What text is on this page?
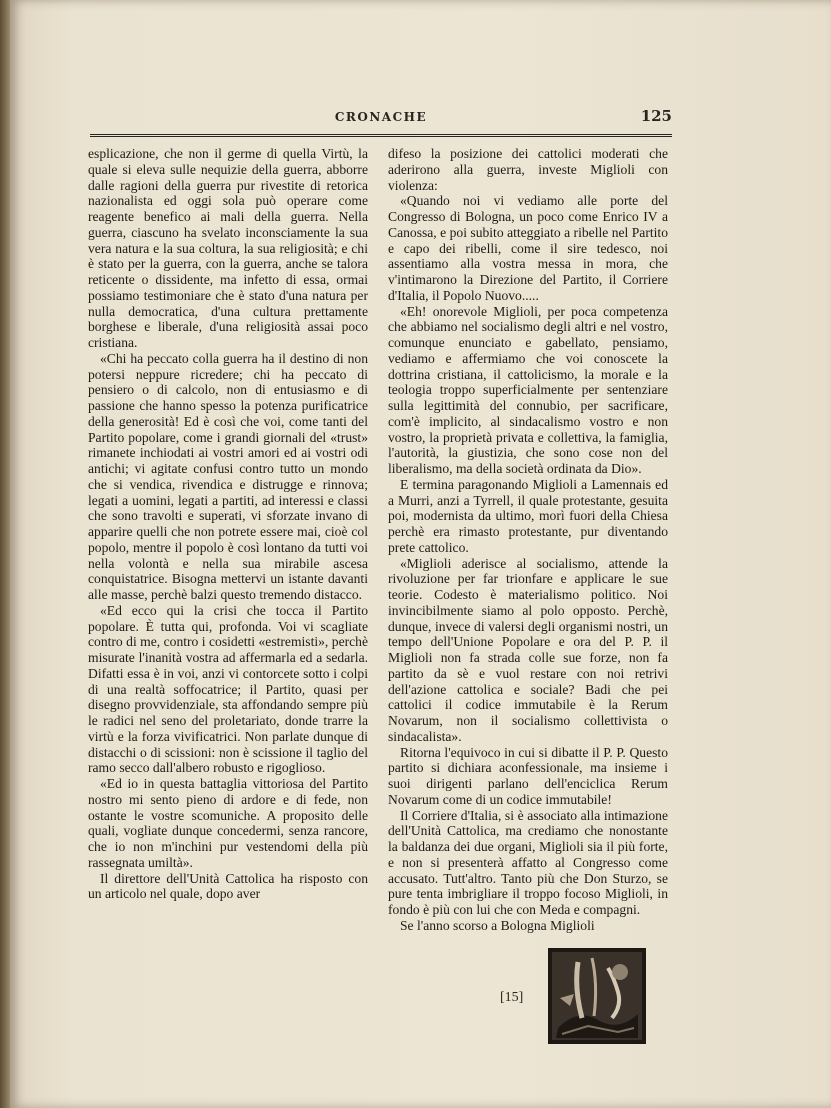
CRONACHE	125

esplicazione, che non il germe di quella Virtù, la quale si eleva sulle nequizie della guerra, abborre dalle ragioni della guerra pur rivestite di retorica nazionalista ed oggi sola può operare come reagente benefico ai mali della guerra. Nella guerra, ciascuno ha svelato inconsciamente la sua vera natura e la sua coltura, la sua religiosità; e chi è stato per la guerra, con la guerra, anche se talora reticente o dissidente, ma infetto di essa, ormai possiamo testimoniare che è stato d'una natura per nulla democratica, d'una cultura prettamente borghese e liberale, d'una religiosità assai poco cristiana.

«Chi ha peccato colla guerra ha il destino di non potersi neppure ricredere; chi ha peccato di pensiero o di calcolo, non di entusiasmo e di passione che hanno spesso la potenza purificatrice della generosità! Ed è così che voi, come tanti del Partito popolare, come i grandi giornali del «trust» rimanete inchiodati ai vostri amori ed ai vostri odi antichi; vi agitate confusi contro tutto un mondo che si vendica, rivendica e distrugge e rinnova; legati a uomini, legati a partiti, ad interessi e classi che sono travolti e superati, vi sforzate invano di apparire quelli che non potrete essere mai, cioè col popolo, mentre il popolo è così lontano da tutti voi nella volontà e nella sua mirabile ascesa conquistatrice. Bisogna mettervi un istante davanti alle masse, perchè balzi questo tremendo distacco.

«Ed ecco qui la crisi che tocca il Partito popolare. È tutta qui, profonda. Voi vi scagliate contro di me, contro i cosidetti «estremisti», perchè misurate l'inanità vostra ad affermarla ed a sedarla. Difatti essa è in voi, anzi vi contorcete sotto i colpi di una realtà soffocatrice; il Partito, quasi per disegno provvidenziale, sta affondando sempre più le radici nel seno del proletariato, donde trarre la virtù e la forza vivificatrici. Non parlate dunque di distacchi o di scissioni: non è scissione il taglio del ramo secco dall'albero robusto e rigoglioso.

«Ed io in questa battaglia vittoriosa del Partito nostro mi sento pieno di ardore e di fede, non ostante le vostre scomuniche. A proposito delle quali, vogliate dunque concedermi, senza rancore, che io non m'inchini pur vestendomi della più rassegnata umiltà».

Il direttore dell'Unità Cattolica ha risposto con un articolo nel quale, dopo aver

difeso la posizione dei cattolici moderati che aderirono alla guerra, investe Miglioli con violenza:

«Quando noi vi vediamo alle porte del Congresso di Bologna, un poco come Enrico IV a Canossa, e poi subito atteggiato a ribelle nel Partito e capo dei ribelli, come il sire tedesco, noi assentiamo alla vostra messa in mora, che v'intimarono la Direzione del Partito, il Corriere d'Italia, il Popolo Nuovo.....

«Eh! onorevole Miglioli, per poca competenza che abbiamo nel socialismo degli altri e nel vostro, comunque enunciato e gabellato, pensiamo, vediamo e affermiamo che voi conoscete la dottrina cristiana, il cattolicismo, la morale e la teologia troppo superficialmente per sentenziare sulla legittimità del connubio, per sacrificare, com'è implicito, al sindacalismo vostro e non vostro, la proprietà privata e collettiva, la famiglia, l'autorità, la giustizia, che sono cose non del liberalismo, ma della società ordinata da Dio».

E termina paragonando Miglioli a Lamennais ed a Murri, anzi a Tyrrell, il quale protestante, gesuita poi, modernista da ultimo, morì fuori della Chiesa perchè era rimasto protestante, pur diventando prete cattolico.

«Miglioli aderisce al socialismo, attende la rivoluzione per far trionfare e applicare le sue teorie. Codesto è materialismo politico. Noi invincibilmente siamo al polo opposto. Perchè, dunque, invece di valersi degli organismi nostri, un tempo dell'Unione Popolare e ora del P. P. il Miglioli non fa strada colle sue forze, non fa partito da sè e vuol restare con noi retrivi dell'azione cattolica e sociale? Badi che pei cattolici il codice immutabile è la Rerum Novarum, non il socialismo collettivista o sindacalista».

Ritorna l'equivoco in cui si dibatte il P. P. Questo partito si dichiara aconfessionale, ma insieme i suoi dirigenti parlano dell'enciclica Rerum Novarum come di un codice immutabile!

Il Corriere d'Italia, si è associato alla intimazione dell'Unità Cattolica, ma crediamo che nonostante la baldanza dei due organi, Miglioli sia il più forte, e non si presenterà affatto al Congresso come accusato. Tutt'altro. Tanto più che Don Sturzo, se pure tenta imbrigliare il troppo focoso Miglioli, in fondo è più con lui che con Meda e compagni.

Se l'anno scorso a Bologna Miglioli

[15]
